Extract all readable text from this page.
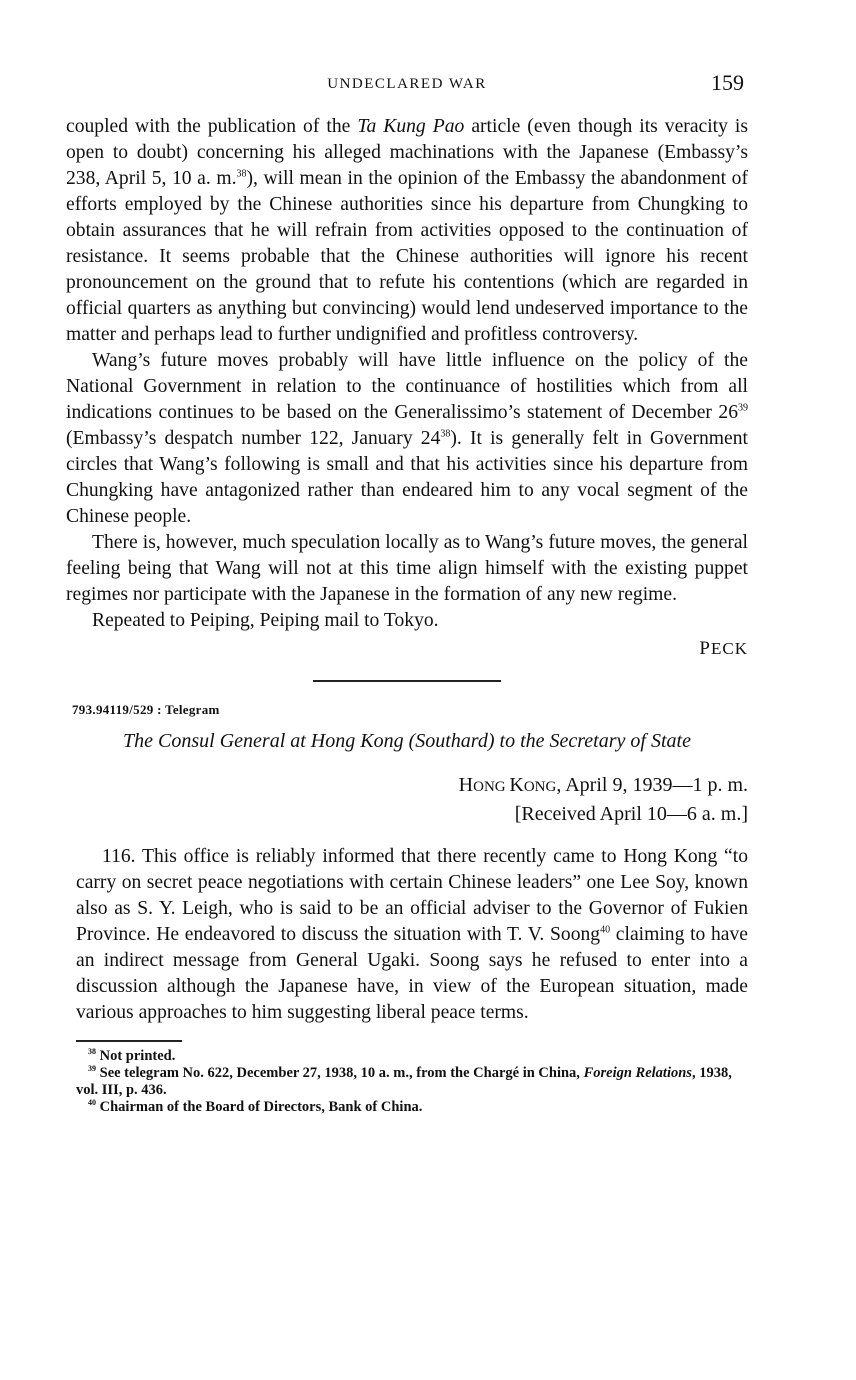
UNDECLARED WAR	159

coupled with the publication of the Ta Kung Pao article (even though its veracity is open to doubt) concerning his alleged machinations with the Japanese (Embassy’s 238, April 5, 10 a. m.$^{38}$), will mean in the opinion of the Embassy the abandonment of efforts employed by the Chinese authorities since his departure from Chungking to obtain assurances that he will refrain from activities opposed to the continuation of resistance. It seems probable that the Chinese authorities will ignore his recent pronouncement on the ground that to refute his contentions (which are regarded in official quarters as anything but convincing) would lend undeserved importance to the matter and perhaps lead to further undignified and profitless controversy.

Wang’s future moves probably will have little influence on the policy of the National Government in relation to the continuance of hostilities which from all indications continues to be based on the Generalissimo’s statement of December $26^{39}$ (Embassy’s despatch number 122, January $24^{38}$). It is generally felt in Government circles that Wang’s following is small and that his activities since his departure from Chungking have antagonized rather than endeared him to any vocal segment of the Chinese people.

There is, however, much speculation locally as to Wang’s future moves, the general feeling being that Wang will not at this time align himself with the existing puppet regimes nor participate with the Japanese in the formation of any new regime.

Repeated to Peiping, Peiping mail to Tokyo.

PECK
793.94119/529 : Telegram
The Consul General at Hong Kong (Southard) to the Secretary of State
HONG KONG, April 9, 1939—1 p. m.
[Received April 10—6 a. m.]

116. This office is reliably informed that there recently came to Hong Kong “to carry on secret peace negotiations with certain Chinese leaders” one Lee Soy, known also as S. Y. Leigh, who is said to be an official adviser to the Governor of Fukien Province. He endeavored to discuss the situation with T. V. Soong$^{40}$ claiming to have an indirect message from General Ugaki. Soong says he refused to enter into a discussion although the Japanese have, in view of the European situation, made various approaches to him suggesting liberal peace terms.

$^{38}$ Not printed.
$^{39}$ See telegram No. 622, December 27, 1938, 10 a. m., from the Chargé in China, Foreign Relations, 1938, vol. III, p. 436.
$^{40}$ Chairman of the Board of Directors, Bank of China.
